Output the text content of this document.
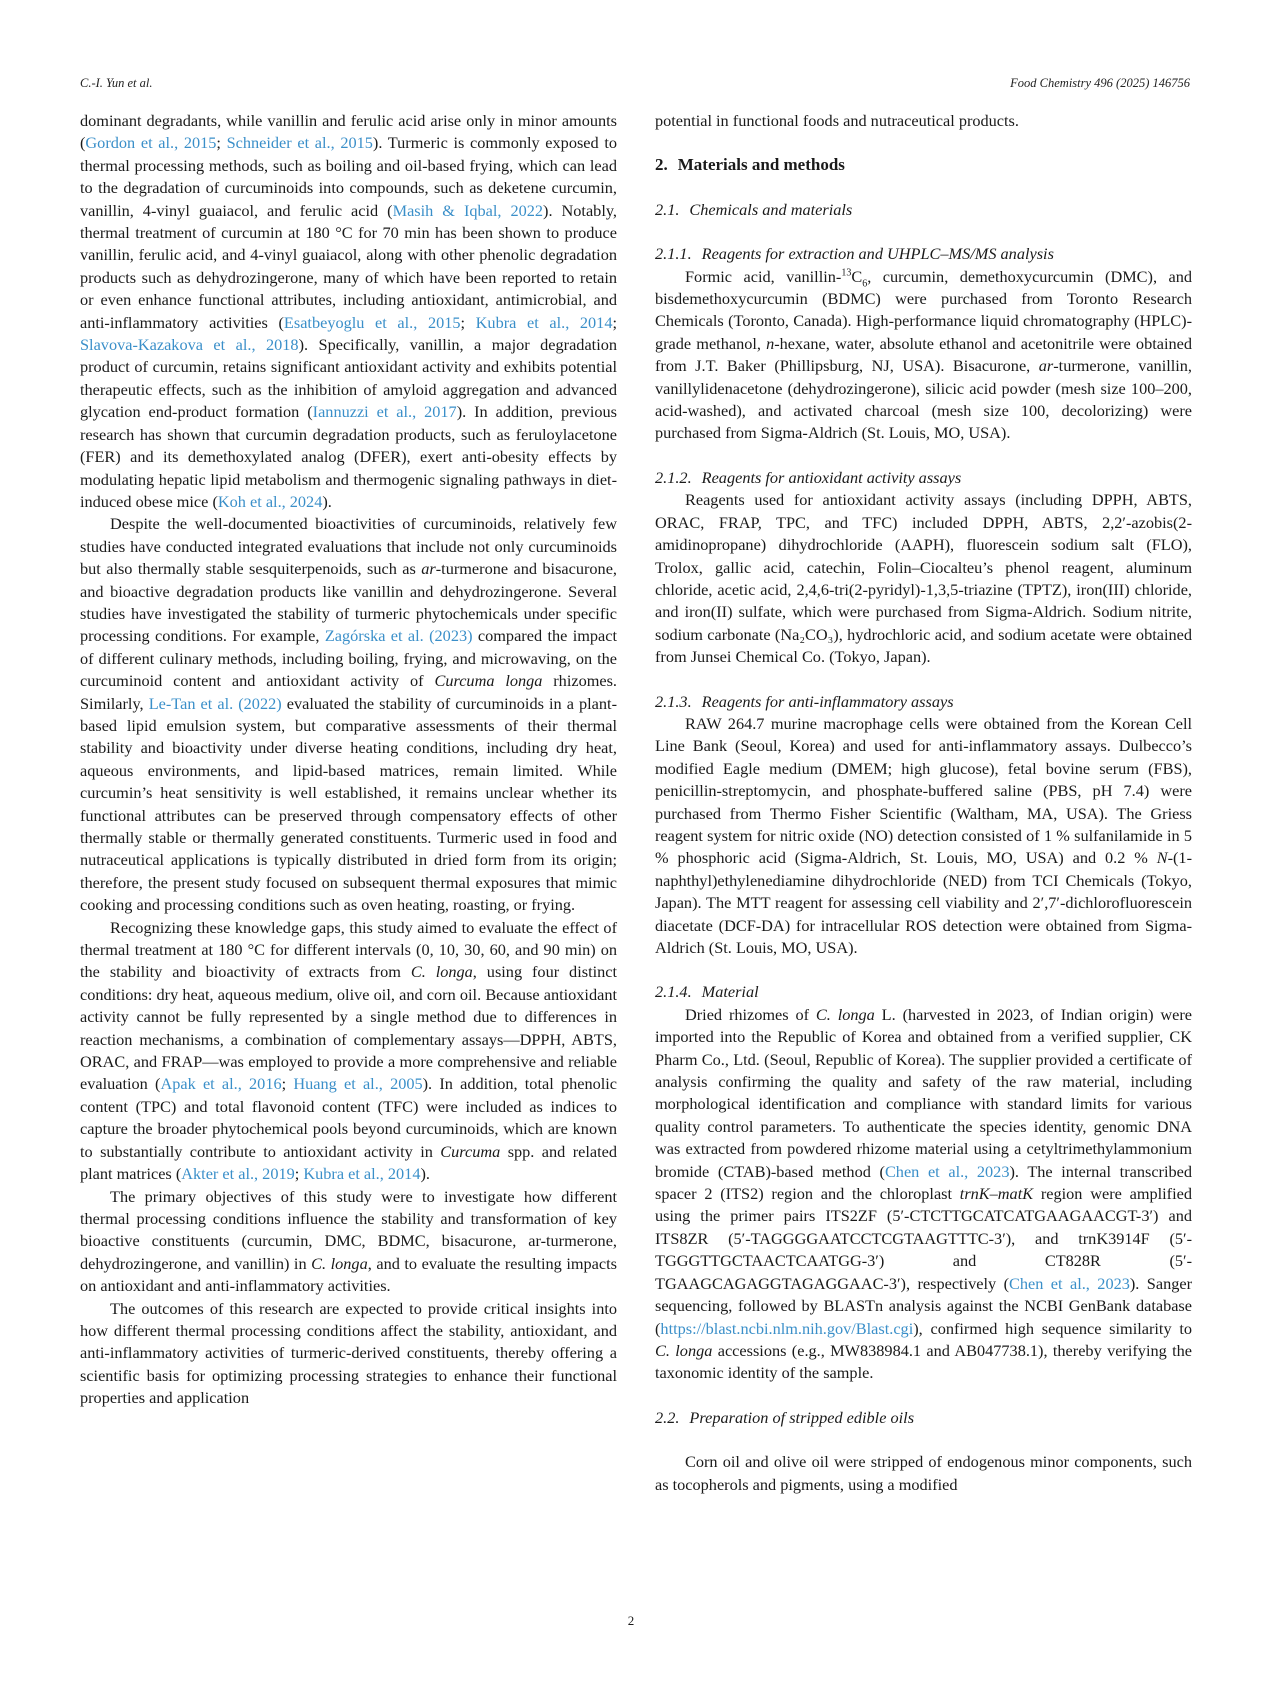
C.-I. Yun et al.	Food Chemistry 496 (2025) 146756

dominant degradants, while vanillin and ferulic acid arise only in minor amounts (Gordon et al., 2015; Schneider et al., 2015). Turmeric is commonly exposed to thermal processing methods, such as boiling and oil-based frying, which can lead to the degradation of curcuminoids into compounds, such as deketene curcumin, vanillin, 4-vinyl guaiacol, and ferulic acid (Masih & Iqbal, 2022). Notably, thermal treatment of curcumin at 180 °C for 70 min has been shown to produce vanillin, ferulic acid, and 4-vinyl guaiacol, along with other phenolic degradation products such as dehydrozingerone, many of which have been reported to retain or even enhance functional attributes, including antioxidant, antimicrobial, and anti-inflammatory activities (Esatbeyoglu et al., 2015; Kubra et al., 2014; Slavova-Kazakova et al., 2018). Specifically, vanillin, a major degradation product of curcumin, retains significant antioxidant activity and exhibits potential therapeutic effects, such as the inhibition of amyloid aggregation and advanced glycation end-product formation (Iannuzzi et al., 2017). In addition, previous research has shown that curcumin degradation products, such as feruloylacetone (FER) and its demethoxylated analog (DFER), exert anti-obesity effects by modulating hepatic lipid metabolism and thermogenic signaling pathways in diet-induced obese mice (Koh et al., 2024).

Despite the well-documented bioactivities of curcuminoids, relatively few studies have conducted integrated evaluations that include not only curcuminoids but also thermally stable sesquiterpenoids, such as ar-turmerone and bisacurone, and bioactive degradation products like vanillin and dehydrozingerone. Several studies have investigated the stability of turmeric phytochemicals under specific processing conditions. For example, Zagórska et al. (2023) compared the impact of different culinary methods, including boiling, frying, and microwaving, on the curcuminoid content and antioxidant activity of Curcuma longa rhizomes. Similarly, Le-Tan et al. (2022) evaluated the stability of curcuminoids in a plant-based lipid emulsion system, but comparative assessments of their thermal stability and bioactivity under diverse heating conditions, including dry heat, aqueous environments, and lipid-based matrices, remain limited. While curcumin’s heat sensitivity is well established, it remains unclear whether its functional attributes can be preserved through compensatory effects of other thermally stable or thermally generated constituents. Turmeric used in food and nutraceutical applications is typically distributed in dried form from its origin; therefore, the present study focused on subsequent thermal exposures that mimic cooking and processing conditions such as oven heating, roasting, or frying.

Recognizing these knowledge gaps, this study aimed to evaluate the effect of thermal treatment at 180 °C for different intervals (0, 10, 30, 60, and 90 min) on the stability and bioactivity of extracts from C. longa, using four distinct conditions: dry heat, aqueous medium, olive oil, and corn oil. Because antioxidant activity cannot be fully represented by a single method due to differences in reaction mechanisms, a combination of complementary assays—DPPH, ABTS, ORAC, and FRAP—was employed to provide a more comprehensive and reliable evaluation (Apak et al., 2016; Huang et al., 2005). In addition, total phenolic content (TPC) and total flavonoid content (TFC) were included as indices to capture the broader phytochemical pools beyond curcuminoids, which are known to substantially contribute to antioxidant activity in Curcuma spp. and related plant matrices (Akter et al., 2019; Kubra et al., 2014).

The primary objectives of this study were to investigate how different thermal processing conditions influence the stability and transformation of key bioactive constituents (curcumin, DMC, BDMC, bisacurone, ar-turmerone, dehydrozingerone, and vanillin) in C. longa, and to evaluate the resulting impacts on antioxidant and anti-inflammatory activities.

The outcomes of this research are expected to provide critical insights into how different thermal processing conditions affect the stability, antioxidant, and anti-inflammatory activities of turmeric-derived constituents, thereby offering a scientific basis for optimizing processing strategies to enhance their functional properties and application

potential in functional foods and nutraceutical products.

2. Materials and methods
2.1. Chemicals and materials
2.1.1. Reagents for extraction and UHPLC–MS/MS analysis

Formic acid, vanillin-$^{13}C_6$, curcumin, demethoxycurcumin (DMC), and bisdemethoxycurcumin (BDMC) were purchased from Toronto Research Chemicals (Toronto, Canada). High-performance liquid chromatography (HPLC)-grade methanol, n-hexane, water, absolute ethanol and acetonitrile were obtained from J.T. Baker (Phillipsburg, NJ, USA). Bisacurone, ar-turmerone, vanillin, vanillylidenacetone (dehydrozingerone), silicic acid powder (mesh size 100–200, acid-washed), and activated charcoal (mesh size 100, decolorizing) were purchased from Sigma-Aldrich (St. Louis, MO, USA).

2.1.2. Reagents for antioxidant activity assays

Reagents used for antioxidant activity assays (including DPPH, ABTS, ORAC, FRAP, TPC, and TFC) included DPPH, ABTS, 2,2′-azobis(2-amidinopropane) dihydrochloride (AAPH), fluorescein sodium salt (FLO), Trolox, gallic acid, catechin, Folin–Ciocalteu’s phenol reagent, aluminum chloride, acetic acid, 2,4,6-tri(2-pyridyl)-1,3,5-triazine (TPTZ), iron(III) chloride, and iron(II) sulfate, which were purchased from Sigma-Aldrich. Sodium nitrite, sodium carbonate (Na₂CO₃), hydrochloric acid, and sodium acetate were obtained from Junsei Chemical Co. (Tokyo, Japan).

2.1.3. Reagents for anti-inflammatory assays

RAW 264.7 murine macrophage cells were obtained from the Korean Cell Line Bank (Seoul, Korea) and used for anti-inflammatory assays. Dulbecco’s modified Eagle medium (DMEM; high glucose), fetal bovine serum (FBS), penicillin-streptomycin, and phosphate-buffered saline (PBS, pH 7.4) were purchased from Thermo Fisher Scientific (Waltham, MA, USA). The Griess reagent system for nitric oxide (NO) detection consisted of 1 % sulfanilamide in 5 % phosphoric acid (Sigma-Aldrich, St. Louis, MO, USA) and 0.2 % N-(1-naphthyl)ethylenediamine dihydrochloride (NED) from TCI Chemicals (Tokyo, Japan). The MTT reagent for assessing cell viability and 2′,7′-dichlorofluorescein diacetate (DCF-DA) for intracellular ROS detection were obtained from Sigma-Aldrich (St. Louis, MO, USA).

2.1.4. Material

Dried rhizomes of C. longa L. (harvested in 2023, of Indian origin) were imported into the Republic of Korea and obtained from a verified supplier, CK Pharm Co., Ltd. (Seoul, Republic of Korea). The supplier provided a certificate of analysis confirming the quality and safety of the raw material, including morphological identification and compliance with standard limits for various quality control parameters. To authenticate the species identity, genomic DNA was extracted from powdered rhizome material using a cetyltrimethylammonium bromide (CTAB)-based method (Chen et al., 2023). The internal transcribed spacer 2 (ITS2) region and the chloroplast trnK–matK region were amplified using the primer pairs ITS2ZF (5′-CTCTTGCATCATGAAGAACGT-3′) and ITS8ZR (5′-TAGGGGAATCCTCGTAAGTTTC-3′), and trnK3914F (5′-TGGGTTGCTAACTCAATGG-3′) and CT828R (5′-TGAAGCAGAGGTAGAGGAAC-3′), respectively (Chen et al., 2023). Sanger sequencing, followed by BLASTn analysis against the NCBI GenBank database (https://blast.ncbi.nlm.nih.gov/Blast.cgi), confirmed high sequence similarity to C. longa accessions (e.g., MW838984.1 and AB047738.1), thereby verifying the taxonomic identity of the sample.

2.2. Preparation of stripped edible oils

Corn oil and olive oil were stripped of endogenous minor components, such as tocopherols and pigments, using a modified

2
